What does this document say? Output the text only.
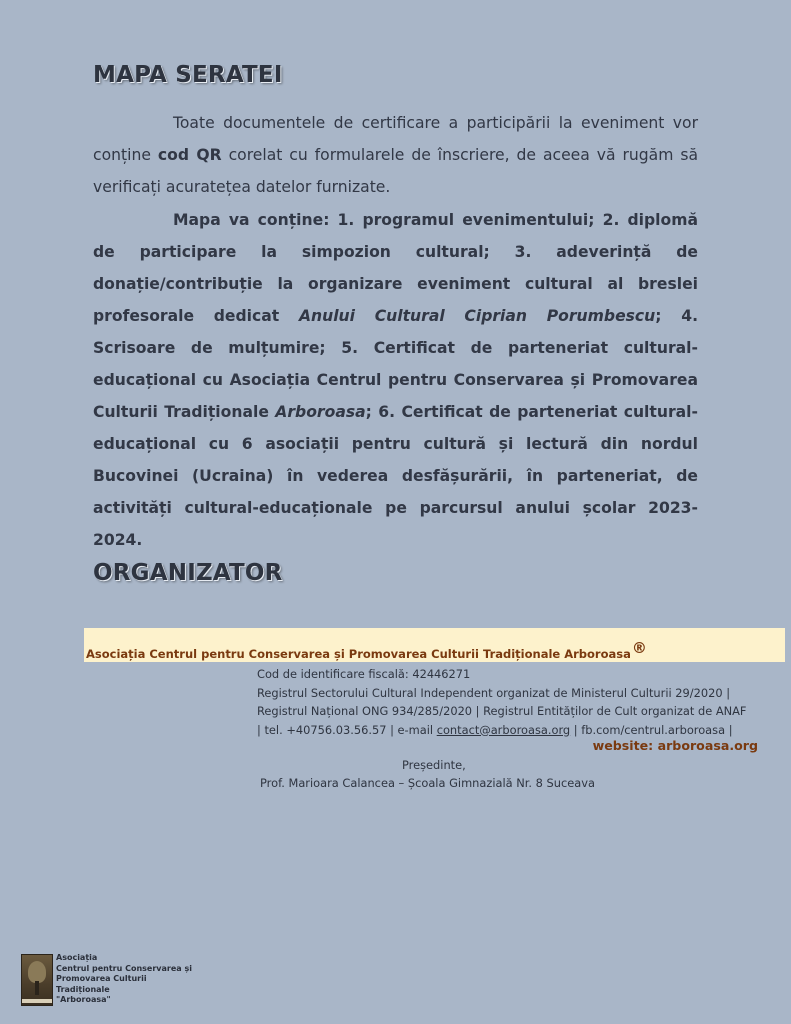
MAPA SERATEI

Toate documentele de certificare a participării la eveniment vor conține cod QR corelat cu formularele de înscriere, de aceea vă rugăm să verificați acuratețea datelor furnizate.

Mapa va conține: 1. programul evenimentului; 2. diplomă de participare la simpozion cultural; 3. adeverință de donație/contribuție la organizare eveniment cultural al breslei profesorale dedicat Anului Cultural Ciprian Porumbescu; 4. Scrisoare de mulțumire; 5. Certificat de parteneriat cultural-educațional cu Asociația Centrul pentru Conservarea și Promovarea Culturii Tradiționale Arboroasa; 6. Certificat de parteneriat cultural-educațional cu 6 asociații pentru cultură și lectură din nordul Bucovinei (Ucraina) în vederea desfășurării, în parteneriat, de activități cultural-educaționale pe parcursul anului școlar 2023-2024.

ORGANIZATOR
Asociația Centrul pentru Conservarea și Promovarea Culturii Tradiționale Arboroasa®
Cod de identificare fiscală: 42446271
Registrul Sectorului Cultural Independent organizat de Ministerul Culturii 29/2020 |
Registrul Național ONG 934/285/2020 | Registrul Entităților de Cult organizat de ANAF
| tel. +40756.03.56.57 | e-mail contact@arboroasa.org | fb.com/centrul.arboroasa |
website: arboroasa.org
Președinte,
Prof. Marioara Calancea – Școala Gimnazială Nr. 8 Suceava
Asociația
Centrul pentru Conservarea și
Promovarea Culturii
Tradiționale
"Arboroasa"
